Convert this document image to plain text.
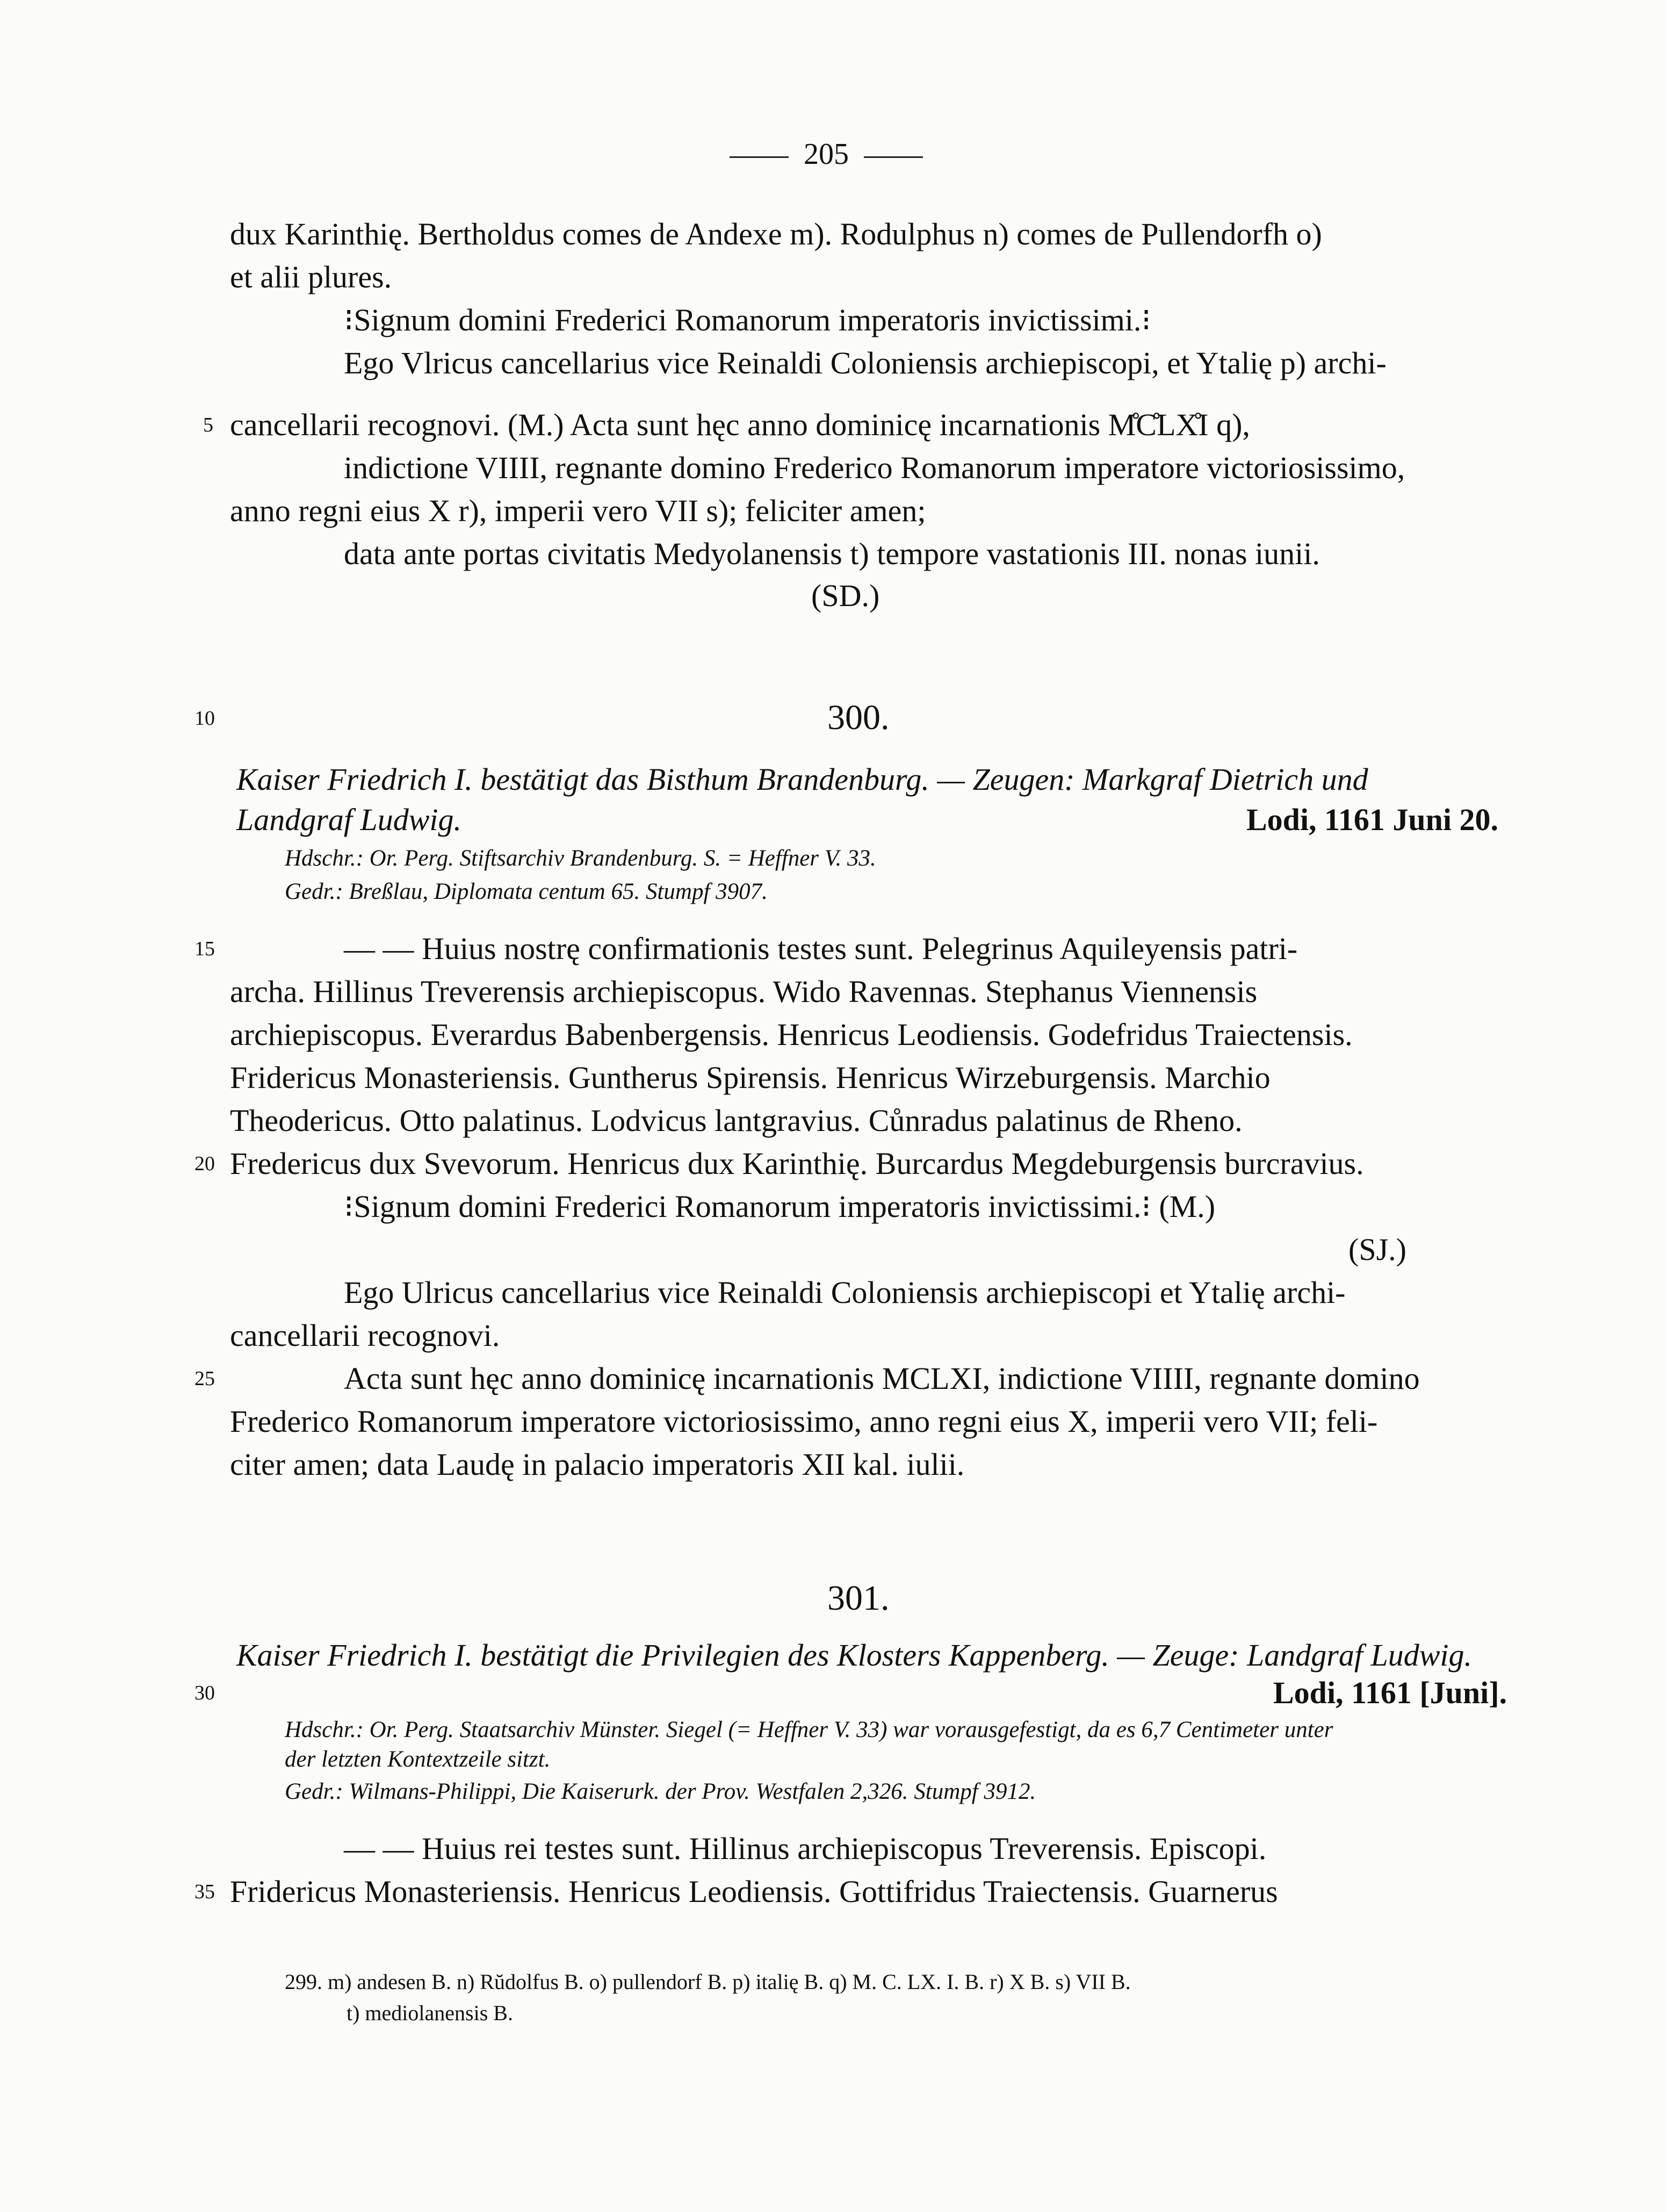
205
dux Karinthię. Bertholdus comes de Andexe m). Rodulphus n) comes de Pullendorfh o)
et alii plures.
⁝Signum domini Frederici Romanorum imperatoris invictissimi.⁝
Ego Vlricus cancellarius vice Reinaldi Coloniensis archiepiscopi, et Ytalię p) archi-
5 cancellarii recognovi. (M.) Acta sunt hęc anno dominicę incarnationis M̊C̊LX̊I q),
indictione VIIII, regnante domino Frederico Romanorum imperatore victoriosissimo,
anno regni eius X r), imperii vero VII s); feliciter amen;
data ante portas civitatis Medyolanensis t) tempore vastationis III. nonas iunii.
(SD.)
10	300.
Kaiser Friedrich I. bestätigt das Bisthum Brandenburg. — Zeugen: Markgraf Dietrich und
Landgraf Ludwig.	Lodi, 1161 Juni 20.
Hdschr.: Or. Perg. Stiftsarchiv Brandenburg. S. = Heffner V. 33.
Gedr.: Breßlau, Diplomata centum 65. Stumpf 3907.
15	— — Huius nostrę confirmationis testes sunt. Pelegrinus Aquileyensis patri-
archa. Hillinus Treverensis archiepiscopus. Wido Ravennas. Stephanus Viennensis
archiepiscopus. Everardus Babenbergensis. Henricus Leodiensis. Godefridus Traiectensis.
Fridericus Monasteriensis. Guntherus Spirensis. Henricus Wirzeburgensis. Marchio
Theodericus. Otto palatinus. Lodvicus lantgravius. Cůnradus palatinus de Rheno.
20 Fredericus dux Svevorum. Henricus dux Karinthię. Burcardus Megdeburgensis burcravius.
⁝Signum domini Frederici Romanorum imperatoris invictissimi.⁝ (M.)
(SJ.)
Ego Ulricus cancellarius vice Reinaldi Coloniensis archiepiscopi et Ytalię archi-
cancellarii recognovi.
25	Acta sunt hęc anno dominicę incarnationis MCLXI, indictione VIIII, regnante domino
Frederico Romanorum imperatore victoriosissimo, anno regni eius X, imperii vero VII; feli-
citer amen; data Laudę in palacio imperatoris XII kal. iulii.
301.
Kaiser Friedrich I. bestätigt die Privilegien des Klosters Kappenberg. — Zeuge: Landgraf Ludwig.
30	Lodi, 1161 [Juni].
Hdschr.: Or. Perg. Staatsarchiv Münster. Siegel (= Heffner V. 33) war vorausgefestigt, da es 6,7 Centimeter unter
der letzten Kontextzeile sitzt.
Gedr.: Wilmans-Philippi, Die Kaiserurk. der Prov. Westfalen 2,326. Stumpf 3912.
— — Huius rei testes sunt. Hillinus archiepiscopus Treverensis. Episcopi.
35 Fridericus Monasteriensis. Henricus Leodiensis. Gottifridus Traiectensis. Guarnerus
299. m) andesen B. n) Rŭdolfus B. o) pullendorf B. p) italię B. q) M. C. LX. I. B. r) X B. s) VII B.
t) mediolanensis B.
